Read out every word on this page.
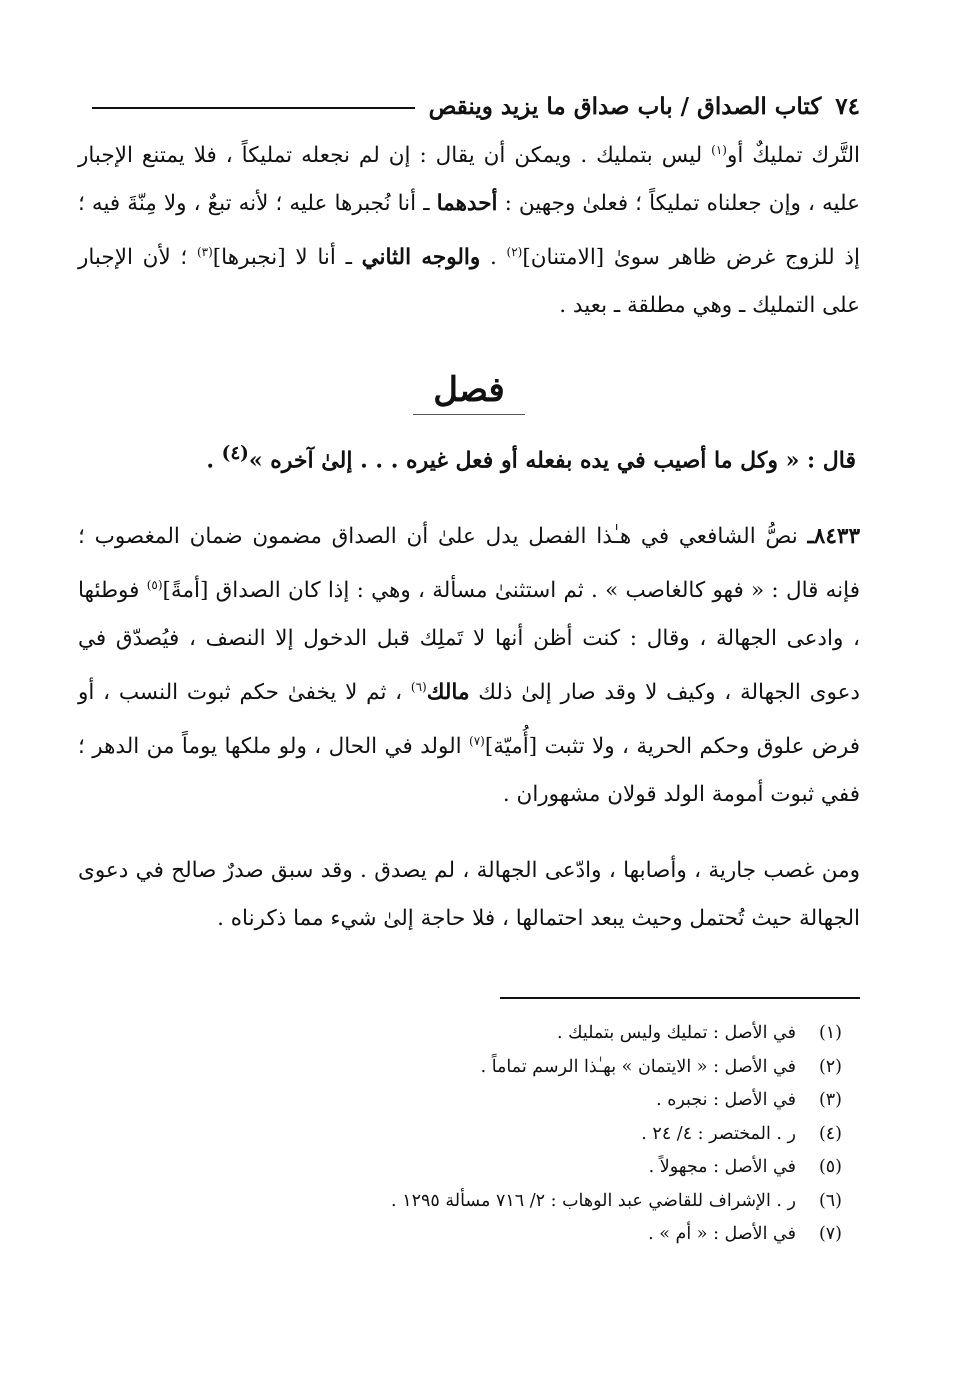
٧٤
كتاب الصداق / باب صداق ما يزيد وينقص

التَّرك تمليكٌ أو$^{(١)}$ ليس بتمليك . ويمكن أن يقال : إن لم نجعله تمليكاً ، فلا يمتنع الإجبار عليه ، وإن جعلناه تمليكاً ؛ فعلىٰ وجهين : أحدهما ـ أنا نُجبرها عليه ؛ لأنه تبعٌ ، ولا مِنّةَ فيه ؛ إذ للزوج غرض ظاهر سوىٰ [الامتنان]$^{(٢)}$ . والوجه الثاني ـ أنا لا [نجبرها]$^{(٣)}$ ؛ لأن الإجبار على التمليك ـ وهي مطلقة ـ بعيد .

فصل

قال : « وكل ما أصيب في يده بفعله أو فعل غيره . . . إلىٰ آخره »$^{(٤)}$ .

٨٤٣٣ـ نصُّ الشافعي في هـٰذا الفصل يدل علىٰ أن الصداق مضمون ضمان المغصوب ؛ فإنه قال : « فهو كالغاصب » . ثم استثنىٰ مسألة ، وهي : إذا كان الصداق [أمةً]$^{(٥)}$ فوطئها ، وادعى الجهالة ، وقال : كنت أظن أنها لا تَملِك قبل الدخول إلا النصف ، فيُصدّق في دعوى الجهالة ، وكيف لا وقد صار إلىٰ ذلك مالك$^{(٦)}$ ، ثم لا يخفىٰ حكم ثبوت النسب ، أو فرض علوق وحكم الحرية ، ولا تثبت [أُميّة]$^{(٧)}$ الولد في الحال ، ولو ملكها يوماً من الدهر ؛ ففي ثبوت أمومة الولد قولان مشهوران .

ومن غصب جارية ، وأصابها ، وادّعى الجهالة ، لم يصدق . وقد سبق صدرٌ صالح في دعوى الجهالة حيث تُحتمل وحيث يبعد احتمالها ، فلا حاجة إلىٰ شيء مما ذكرناه .

(١)
في الأصل : تمليك وليس بتمليك .
(٢)
في الأصل : « الايتمان » بهـٰذا الرسم تماماً .
(٣)
في الأصل : نجبره .
(٤)
ر . المختصر : ٤/ ٢٤ .
(٥)
في الأصل : مجهولاً .
(٦)
ر . الإشراف للقاضي عبد الوهاب : ٢/ ٧١٦ مسألة ١٢٩٥ .
(٧)
في الأصل : « أم » .
